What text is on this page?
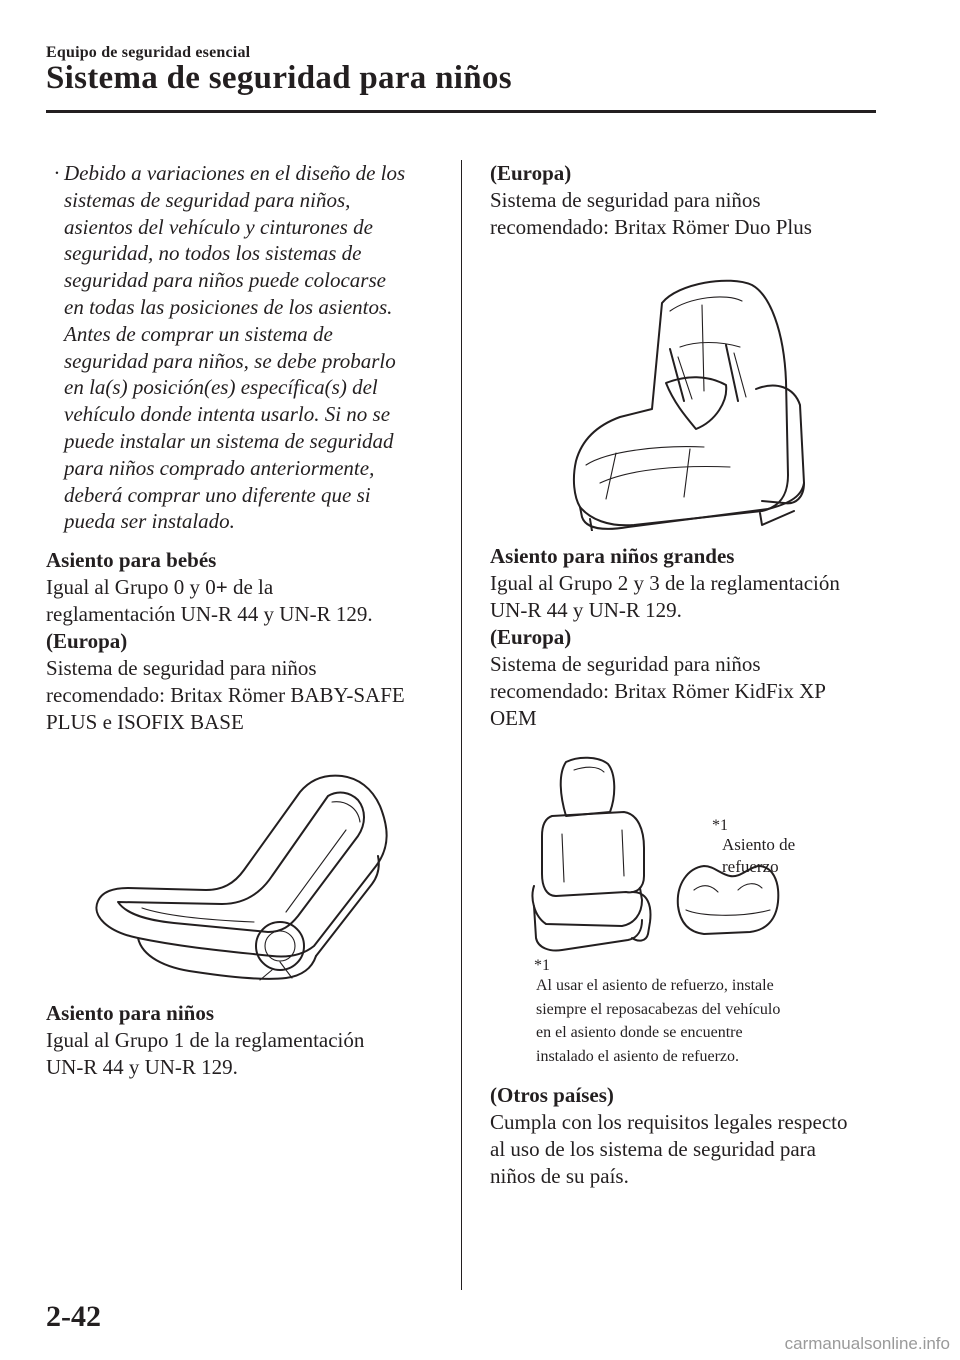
Equipo de seguridad esencial
Sistema de seguridad para niños
· Debido a variaciones en el diseño de los
sistemas de seguridad para niños,
asientos del vehículo y cinturones de
seguridad, no todos los sistemas de
seguridad para niños puede colocarse
en todas las posiciones de los asientos.
Antes de comprar un sistema de
seguridad para niños, se debe probarlo
en la(s) posición(es) específica(s) del
vehículo donde intenta usarlo. Si no se
puede instalar un sistema de seguridad
para niños comprado anteriormente,
deberá comprar uno diferente que si
pueda ser instalado.
Asiento para bebés
Igual al Grupo 0 y 0+ de la
reglamentación UN-R 44 y UN-R 129.
(Europa)
Sistema de seguridad para niños
recomendado: Britax Römer BABY-SAFE
PLUS e ISOFIX BASE
Asiento para niños
Igual al Grupo 1 de la reglamentación
UN-R 44 y UN-R 129.
(Europa)
Sistema de seguridad para niños
recomendado: Britax Römer Duo Plus
Asiento para niños grandes
Igual al Grupo 2 y 3 de la reglamentación
UN-R 44 y UN-R 129.
(Europa)
Sistema de seguridad para niños
recomendado: Britax Römer KidFix XP
OEM
*1
Asiento de
refuerzo
*1
Al usar el asiento de refuerzo, instale
siempre el reposacabezas del vehículo
en el asiento donde se encuentre
instalado el asiento de refuerzo.
(Otros países)
Cumpla con los requisitos legales respecto
al uso de los sistema de seguridad para
niños de su país.
2-42
carmanualsonline.info
